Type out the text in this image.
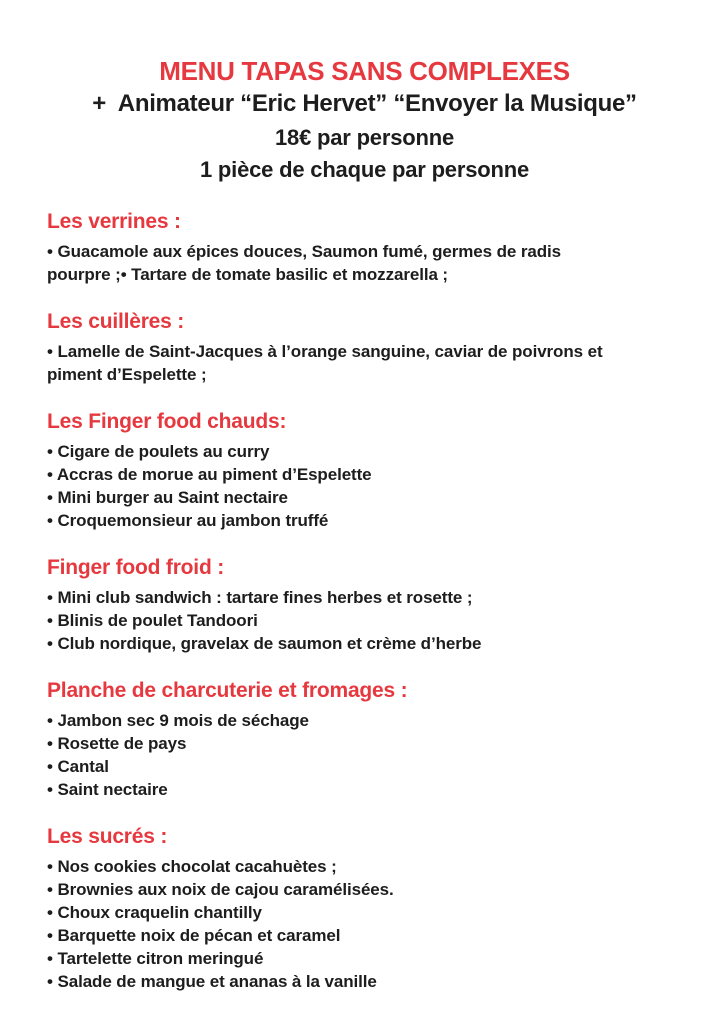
MENU TAPAS SANS COMPLEXES
+  Animateur “Eric Hervet” “Envoyer la Musique”
18€ par personne
1 pièce de chaque par personne
Les verrines :
• Guacamole aux épices douces, Saumon fumé, germes de radis
pourpre ;• Tartare de tomate basilic et mozzarella ;
Les cuillères :
• Lamelle de Saint-Jacques à l’orange sanguine, caviar de poivrons et
piment d’Espelette ;
Les Finger food chauds:
• Cigare de poulets au curry
• Accras de morue au piment d’Espelette
• Mini burger au Saint nectaire
• Croquemonsieur au jambon truffé
Finger food froid :
• Mini club sandwich : tartare fines herbes et rosette ;
• Blinis de poulet Tandoori
• Club nordique, gravelax de saumon et crème d’herbe
Planche de charcuterie et fromages :
• Jambon sec 9 mois de séchage
• Rosette de pays
• Cantal
• Saint nectaire
Les sucrés :
• Nos cookies chocolat cacahuètes ;
• Brownies aux noix de cajou caramélisées.
• Choux craquelin chantilly
• Barquette noix de pécan et caramel
• Tartelette citron meringué
• Salade de mangue et ananas à la vanille
